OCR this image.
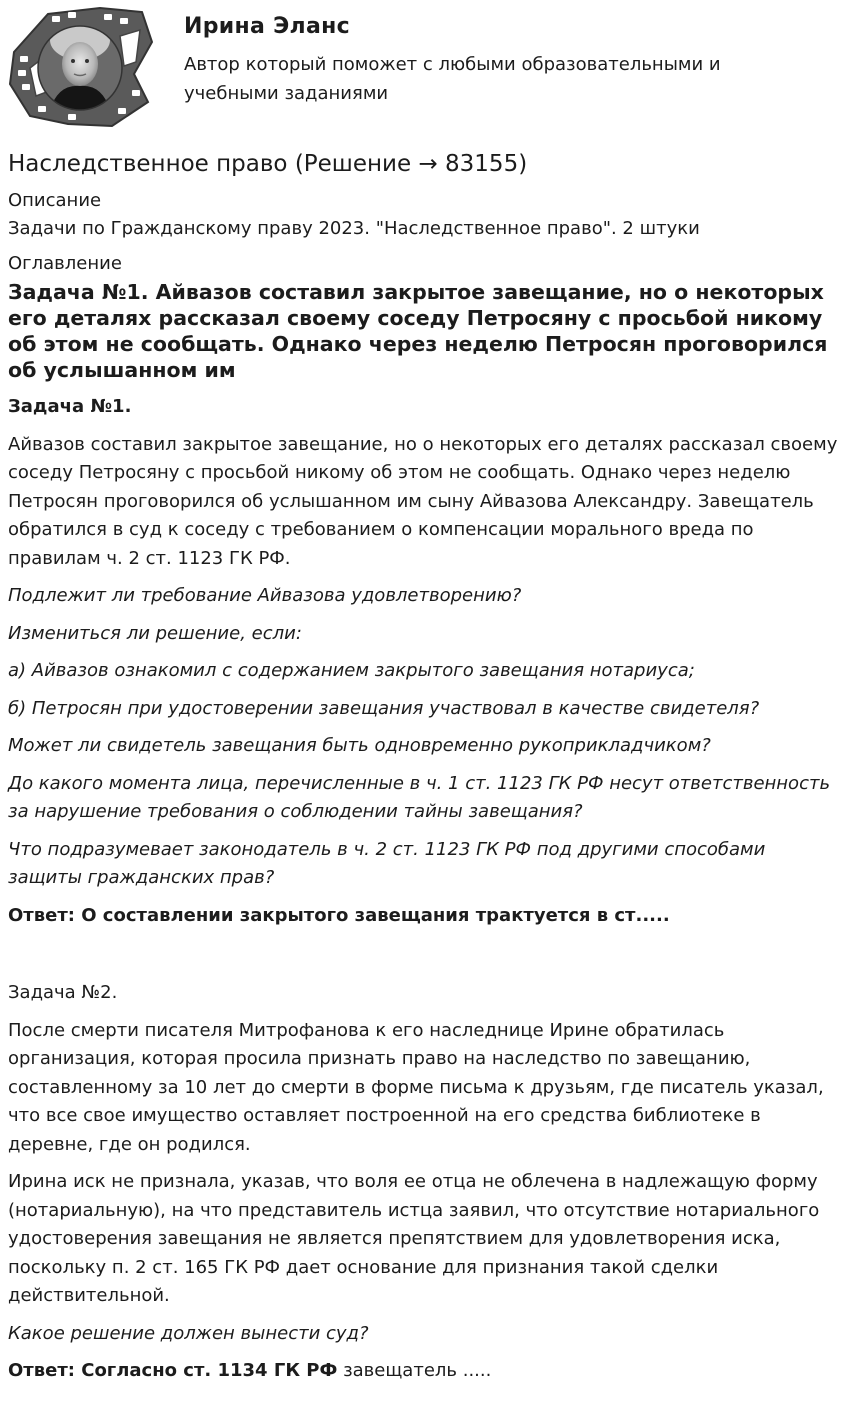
Ирина Эланс
Автор который поможет с любыми образовательными и учебными заданиями
Наследственное право (Решение → 83155)
Описание
Задачи по Гражданскому праву 2023. "Наследственное право". 2 штуки
Оглавление
Задача №1. Айвазов составил закрытое завещание, но о некоторых его деталях рассказал своему соседу Петросяну с просьбой никому об этом не сообщать. Однако через неделю Петросян проговорился об услышанном им
Задача №1.
Айвазов составил закрытое завещание, но о некоторых его деталях рассказал своему соседу Петросяну с просьбой никому об этом не сообщать. Однако через неделю Петросян проговорился об услышанном им сыну Айвазова Александру. Завещатель обратился в суд к соседу с требованием о компенсации морального вреда по правилам ч. 2 ст. 1123 ГК РФ.
Подлежит ли требование Айвазова удовлетворению?
Измениться ли решение, если:
а) Айвазов ознакомил с содержанием закрытого завещания нотариуса;
б) Петросян при удостоверении завещания участвовал в качестве свидетеля?
Может ли свидетель завещания быть одновременно рукоприкладчиком?
До какого момента лица, перечисленные в ч. 1 ст. 1123 ГК РФ несут ответственность за нарушение требования о соблюдении тайны завещания?
Что подразумевает законодатель в ч. 2 ст. 1123 ГК РФ под другими способами защиты гражданских прав?
Ответ: О составлении закрытого завещания трактуется в ст.....
Задача №2.
После смерти писателя Митрофанова к его наследнице Ирине обратилась организация, которая просила признать право на наследство по завещанию, составленному за 10 лет до смерти в форме письма к друзьям, где писатель указал, что все свое имущество оставляет построенной на его средства библиотеке в деревне, где он родился.
Ирина иск не признала, указав, что воля ее отца не облечена в надлежащую форму (нотариальную), на что представитель истца заявил, что отсутствие нотариального удостоверения завещания не является препятствием для удовлетворения иска, поскольку п. 2 ст. 165 ГК РФ дает основание для признания такой сделки действительной.
Какое решение должен вынести суд?
Ответ: Согласно ст. 1134 ГК РФ завещатель .....
